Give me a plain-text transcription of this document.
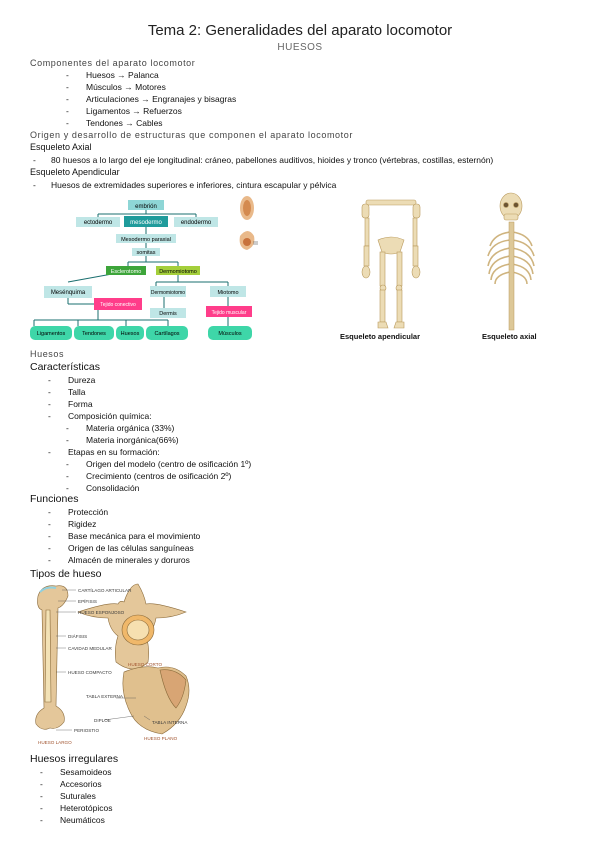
Tema 2: Generalidades del aparato locomotor
HUESOS
Componentes del aparato locomotor
- Huesos → Palanca
- Músculos → Motores
- Articulaciones → Engranajes y bisagras
- Ligamentos → Refuerzos
- Tendones → Cables
Origen y desarrollo de estructuras que componen el aparato locomotor
Esqueleto Axial
- 80 huesos a lo largo del eje longitudinal: cráneo, pabellones auditivos, hioides y tronco (vértebras, costillas, esternón)
Esqueleto Apendicular
- Huesos de extremidades superiores e inferiores, cintura escapular y pélvica
embrión
ectodermo	mesodermo	endodermo
Mesodermo paraxial
somitas
Esclerotomo	Dermomiotomo
Mesénquima
Tejido conectivo
Dermomiotomo	Miotomo
Dermis	Tejido muscular
Ligamentos	Tendones	Huesos	Cartílagos	Músculos	Esqueleto apendicular	Esqueleto axial
Huesos
Características
- Dureza
- Talla
- Forma
- Composición química:
- Materia orgánica (33%)
- Materia inorgánica(66%)
- Etapas en su formación:
- Origen del modelo (centro de osificación 1º)
- Crecimiento (centros de osificación 2º)
- Consolidación
Funciones
- Protección
- Rigidez
- Base mecánica para el movimiento
- Origen de las células sanguíneas
- Almacén de minerales y doruros
Tipos de hueso
CARTÍLAGO ARTICULAR
EPÍFISIS
HUESO ESPONJOSO
DIÁFISIS
CAVIDAD MEDULAR
HUESO COMPACTO
PERIOSTIO
HUESO LARGO
HUESO CORTO
TABLA EXTERNA
DIPLOE	TABLA INTERNA
HUESO PLANO
Huesos irregulares
- Sesamoideos
- Accesorios
- Suturales
- Heterotópicos
- Neumáticos
